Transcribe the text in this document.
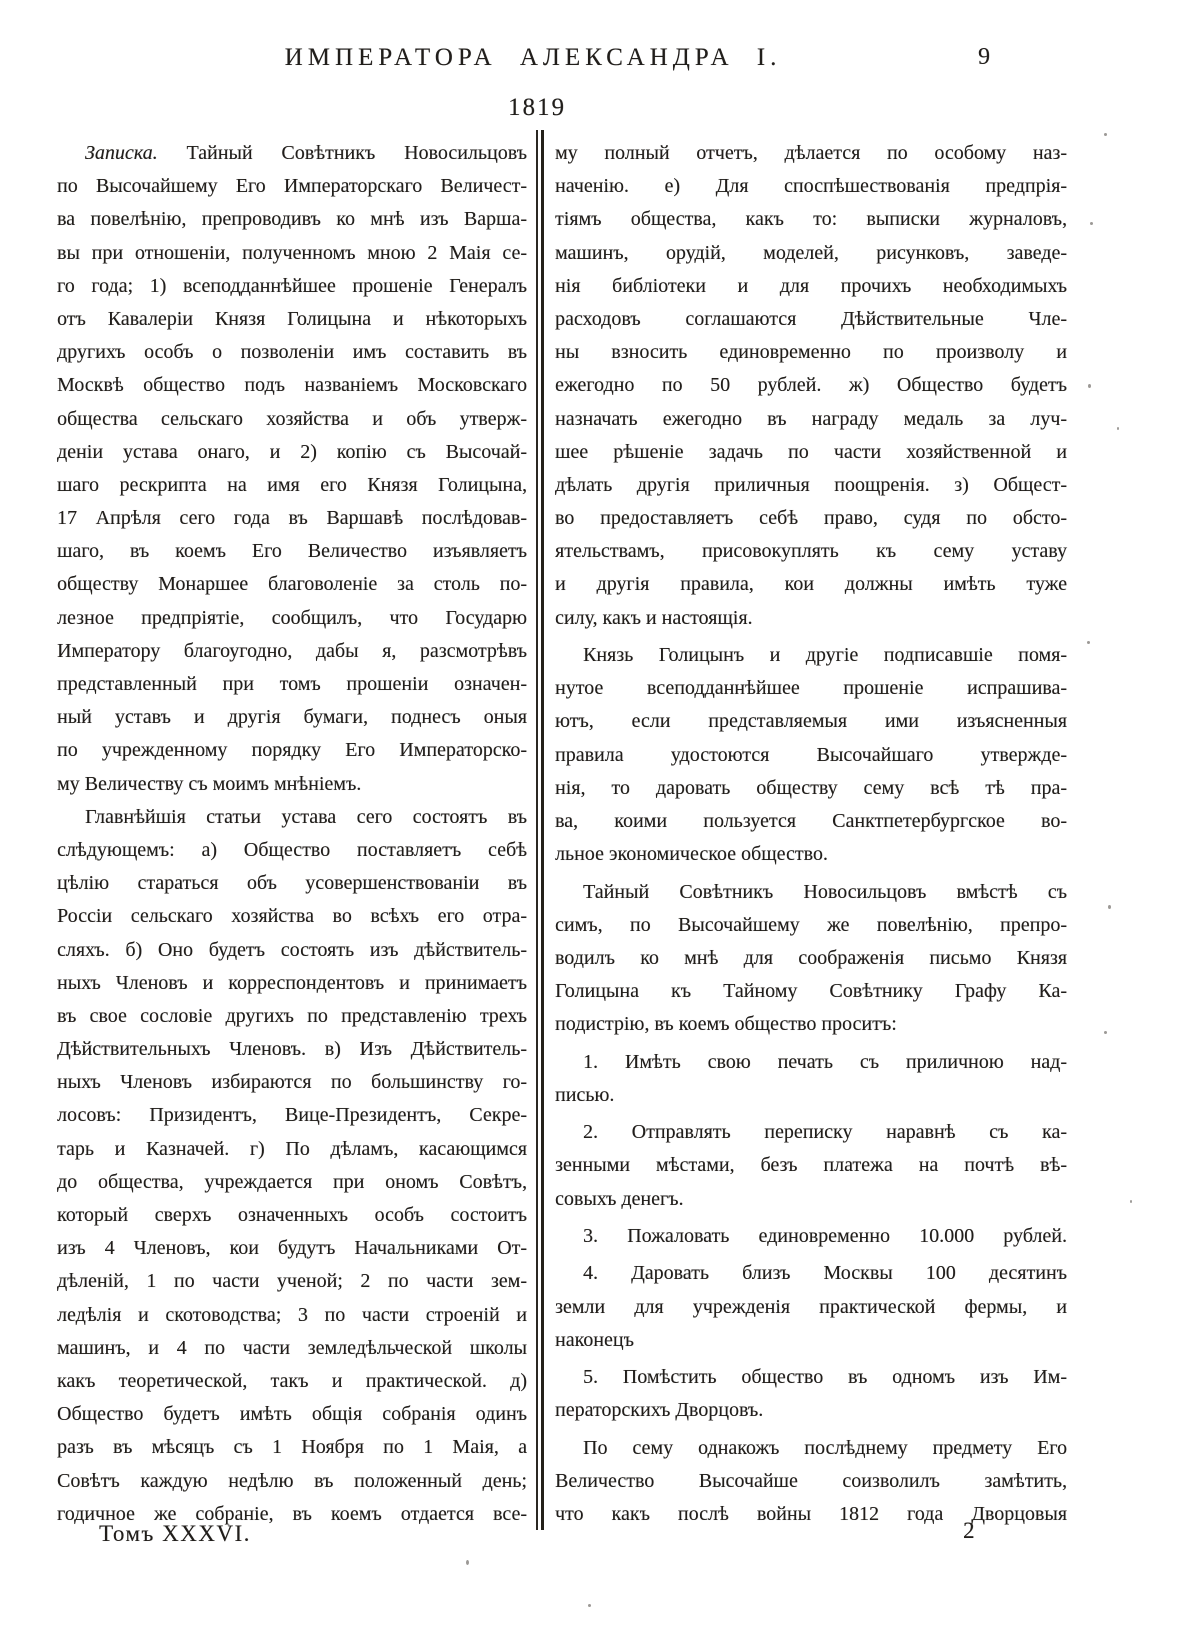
ИМПЕРАТОРА АЛЕКСАНДРА I.	9
1819
Записка. Тайный Совѣтникъ Новосильцовъ
по Высочайшему Его Императорскаго Величест-
ва повелѣнію, препроводивъ ко мнѣ изъ Варша-
вы при отношеніи, полученномъ мною 2 Маія се-
го года; 1) всеподданнѣйшее прошеніе Генералъ
отъ Кавалеріи Князя Голицына и нѣкоторыхъ
другихъ особъ о позволеніи имъ составить въ
Москвѣ общество подъ названіемъ Московскаго
общества сельскаго хозяйства и объ утверж-
деніи устава онаго, и 2) копію съ Высочай-
шаго рескрипта на имя его Князя Голицына,
17 Апрѣля сего года въ Варшавѣ послѣдовав-
шаго, въ коемъ Его Величество изъявляетъ
обществу Монаршее благоволеніе за столь по-
лезное предпріятіе, сообщилъ, что Государю
Императору благоугодно, дабы я, разсмотрѣвъ
представленный при томъ прошеніи означен-
ный уставъ и другія бумаги, поднесъ оныя
по учрежденному порядку Его Императорско-
му Величеству съ моимъ мнѣніемъ.
Главнѣйшія статьи устава сего состоятъ въ
слѣдующемъ: а) Общество поставляетъ себѣ
цѣлію стараться объ усовершенствованіи въ
Россіи сельскаго хозяйства во всѣхъ его отра-
сляхъ. б) Оно будетъ состоять изъ дѣйствитель-
ныхъ Членовъ и корреспондентовъ и принимаетъ
въ свое сословіе другихъ по представленію трехъ
Дѣйствительныхъ Членовъ. в) Изъ Дѣйствитель-
ныхъ Членовъ избираются по большинству го-
лосовъ: Призидентъ, Вице-Президентъ, Секре-
тарь и Казначей. г) По дѣламъ, касающимся
до общества, учреждается при ономъ Совѣтъ,
который сверхъ означенныхъ особъ состоитъ
изъ 4 Членовъ, кои будутъ Начальниками От-
дѣленій, 1 по части ученой; 2 по части зем-
ледѣлія и скотоводства; 3 по части строеній и
машинъ, и 4 по части земледѣльческой школы
какъ теоретической, такъ и практической. д)
Общество будетъ имѣть общія собранія одинъ
разъ въ мѣсяцъ съ 1 Ноября по 1 Маія, а
Совѣтъ каждую недѣлю въ положенный день;
годичное же собраніе, въ коемъ отдается все-
му полный отчетъ, дѣлается по особому наз-
наченію. е) Для споспѣшествованія предпрія-
тіямъ общества, какъ то: выписки журналовъ,
машинъ, орудій, моделей, рисунковъ, заведе-
нія библіотеки и для прочихъ необходимыхъ
расходовъ соглашаются Дѣйствительные Чле-
ны взносить единовременно по произволу и
ежегодно по 50 рублей. ж) Общество будетъ
назначать ежегодно въ награду медаль за луч-
шее рѣшеніе задачь по части хозяйственной и
дѣлать другія приличныя поощренія. з) Общест-
во предоставляетъ себѣ право, судя по обсто-
ятельствамъ, присовокуплять къ сему уставу
и другія правила, кои должны имѣть туже
силу, какъ и настоящія.
Князь Голицынъ и другіе подписавшіе помя-
нутое всеподданнѣйшее прошеніе испрашива-
ютъ, если представляемыя ими изъясненныя
правила удостоются Высочайшаго утвержде-
нія, то даровать обществу сему всѣ тѣ пра-
ва, коими пользуется Санктпетербургское во-
льное экономическое общество.
Тайный Совѣтникъ Новосильцовъ вмѣстѣ съ
симъ, по Высочайшему же повелѣнію, препро-
водилъ ко мнѣ для соображенія письмо Князя
Голицына къ Тайному Совѣтнику Графу Ка-
подистрію, въ коемъ общество проситъ:
1. Имѣть свою печать съ приличною над-
писью.
2. Отправлять переписку наравнѣ съ ка-
зенными мѣстами, безъ платежа на почтѣ вѣ-
совыхъ денегъ.
3. Пожаловать единовременно 10.000 рублей.
4. Даровать близъ Москвы 100 десятинъ
земли для учрежденія практической фермы, и
наконецъ
5. Помѣстить общество въ одномъ изъ Им-
ператорскихъ Дворцовъ.
По сему однакожъ послѣднему предмету Его
Величество Высочайше соизволилъ замѣтить,
что какъ послѣ войны 1812 года Дворцовыя
Томъ XXXVI.	2
